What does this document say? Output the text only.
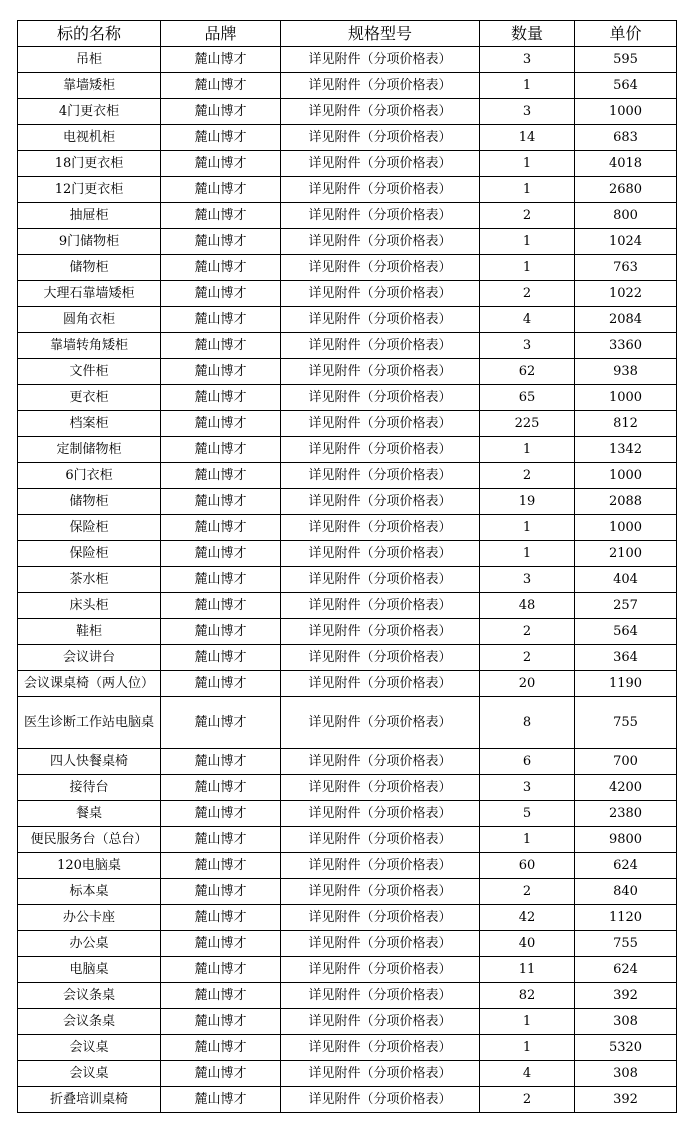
标的名称	品牌	规格型号	数量	单价
吊柜	麓山博才	详见附件（分项价格表）	3	595
靠墙矮柜	麓山博才	详见附件（分项价格表）	1	564
4门更衣柜	麓山博才	详见附件（分项价格表）	3	1000
电视机柜	麓山博才	详见附件（分项价格表）	14	683
18门更衣柜	麓山博才	详见附件（分项价格表）	1	4018
12门更衣柜	麓山博才	详见附件（分项价格表）	1	2680
抽屉柜	麓山博才	详见附件（分项价格表）	2	800
9门储物柜	麓山博才	详见附件（分项价格表）	1	1024
储物柜	麓山博才	详见附件（分项价格表）	1	763
大理石靠墙矮柜	麓山博才	详见附件（分项价格表）	2	1022
圆角衣柜	麓山博才	详见附件（分项价格表）	4	2084
靠墙转角矮柜	麓山博才	详见附件（分项价格表）	3	3360
文件柜	麓山博才	详见附件（分项价格表）	62	938
更衣柜	麓山博才	详见附件（分项价格表）	65	1000
档案柜	麓山博才	详见附件（分项价格表）	225	812
定制储物柜	麓山博才	详见附件（分项价格表）	1	1342
6门衣柜	麓山博才	详见附件（分项价格表）	2	1000
储物柜	麓山博才	详见附件（分项价格表）	19	2088
保险柜	麓山博才	详见附件（分项价格表）	1	1000
保险柜	麓山博才	详见附件（分项价格表）	1	2100
茶水柜	麓山博才	详见附件（分项价格表）	3	404
床头柜	麓山博才	详见附件（分项价格表）	48	257
鞋柜	麓山博才	详见附件（分项价格表）	2	564
会议讲台	麓山博才	详见附件（分项价格表）	2	364
会议课桌椅（两人位）	麓山博才	详见附件（分项价格表）	20	1190
医生诊断工作站电脑桌	麓山博才	详见附件（分项价格表）	8	755
四人快餐桌椅	麓山博才	详见附件（分项价格表）	6	700
接待台	麓山博才	详见附件（分项价格表）	3	4200
餐桌	麓山博才	详见附件（分项价格表）	5	2380
便民服务台（总台）	麓山博才	详见附件（分项价格表）	1	9800
120电脑桌	麓山博才	详见附件（分项价格表）	60	624
标本桌	麓山博才	详见附件（分项价格表）	2	840
办公卡座	麓山博才	详见附件（分项价格表）	42	1120
办公桌	麓山博才	详见附件（分项价格表）	40	755
电脑桌	麓山博才	详见附件（分项价格表）	11	624
会议条桌	麓山博才	详见附件（分项价格表）	82	392
会议条桌	麓山博才	详见附件（分项价格表）	1	308
会议桌	麓山博才	详见附件（分项价格表）	1	5320
会议桌	麓山博才	详见附件（分项价格表）	4	308
折叠培训桌椅	麓山博才	详见附件（分项价格表）	2	392
